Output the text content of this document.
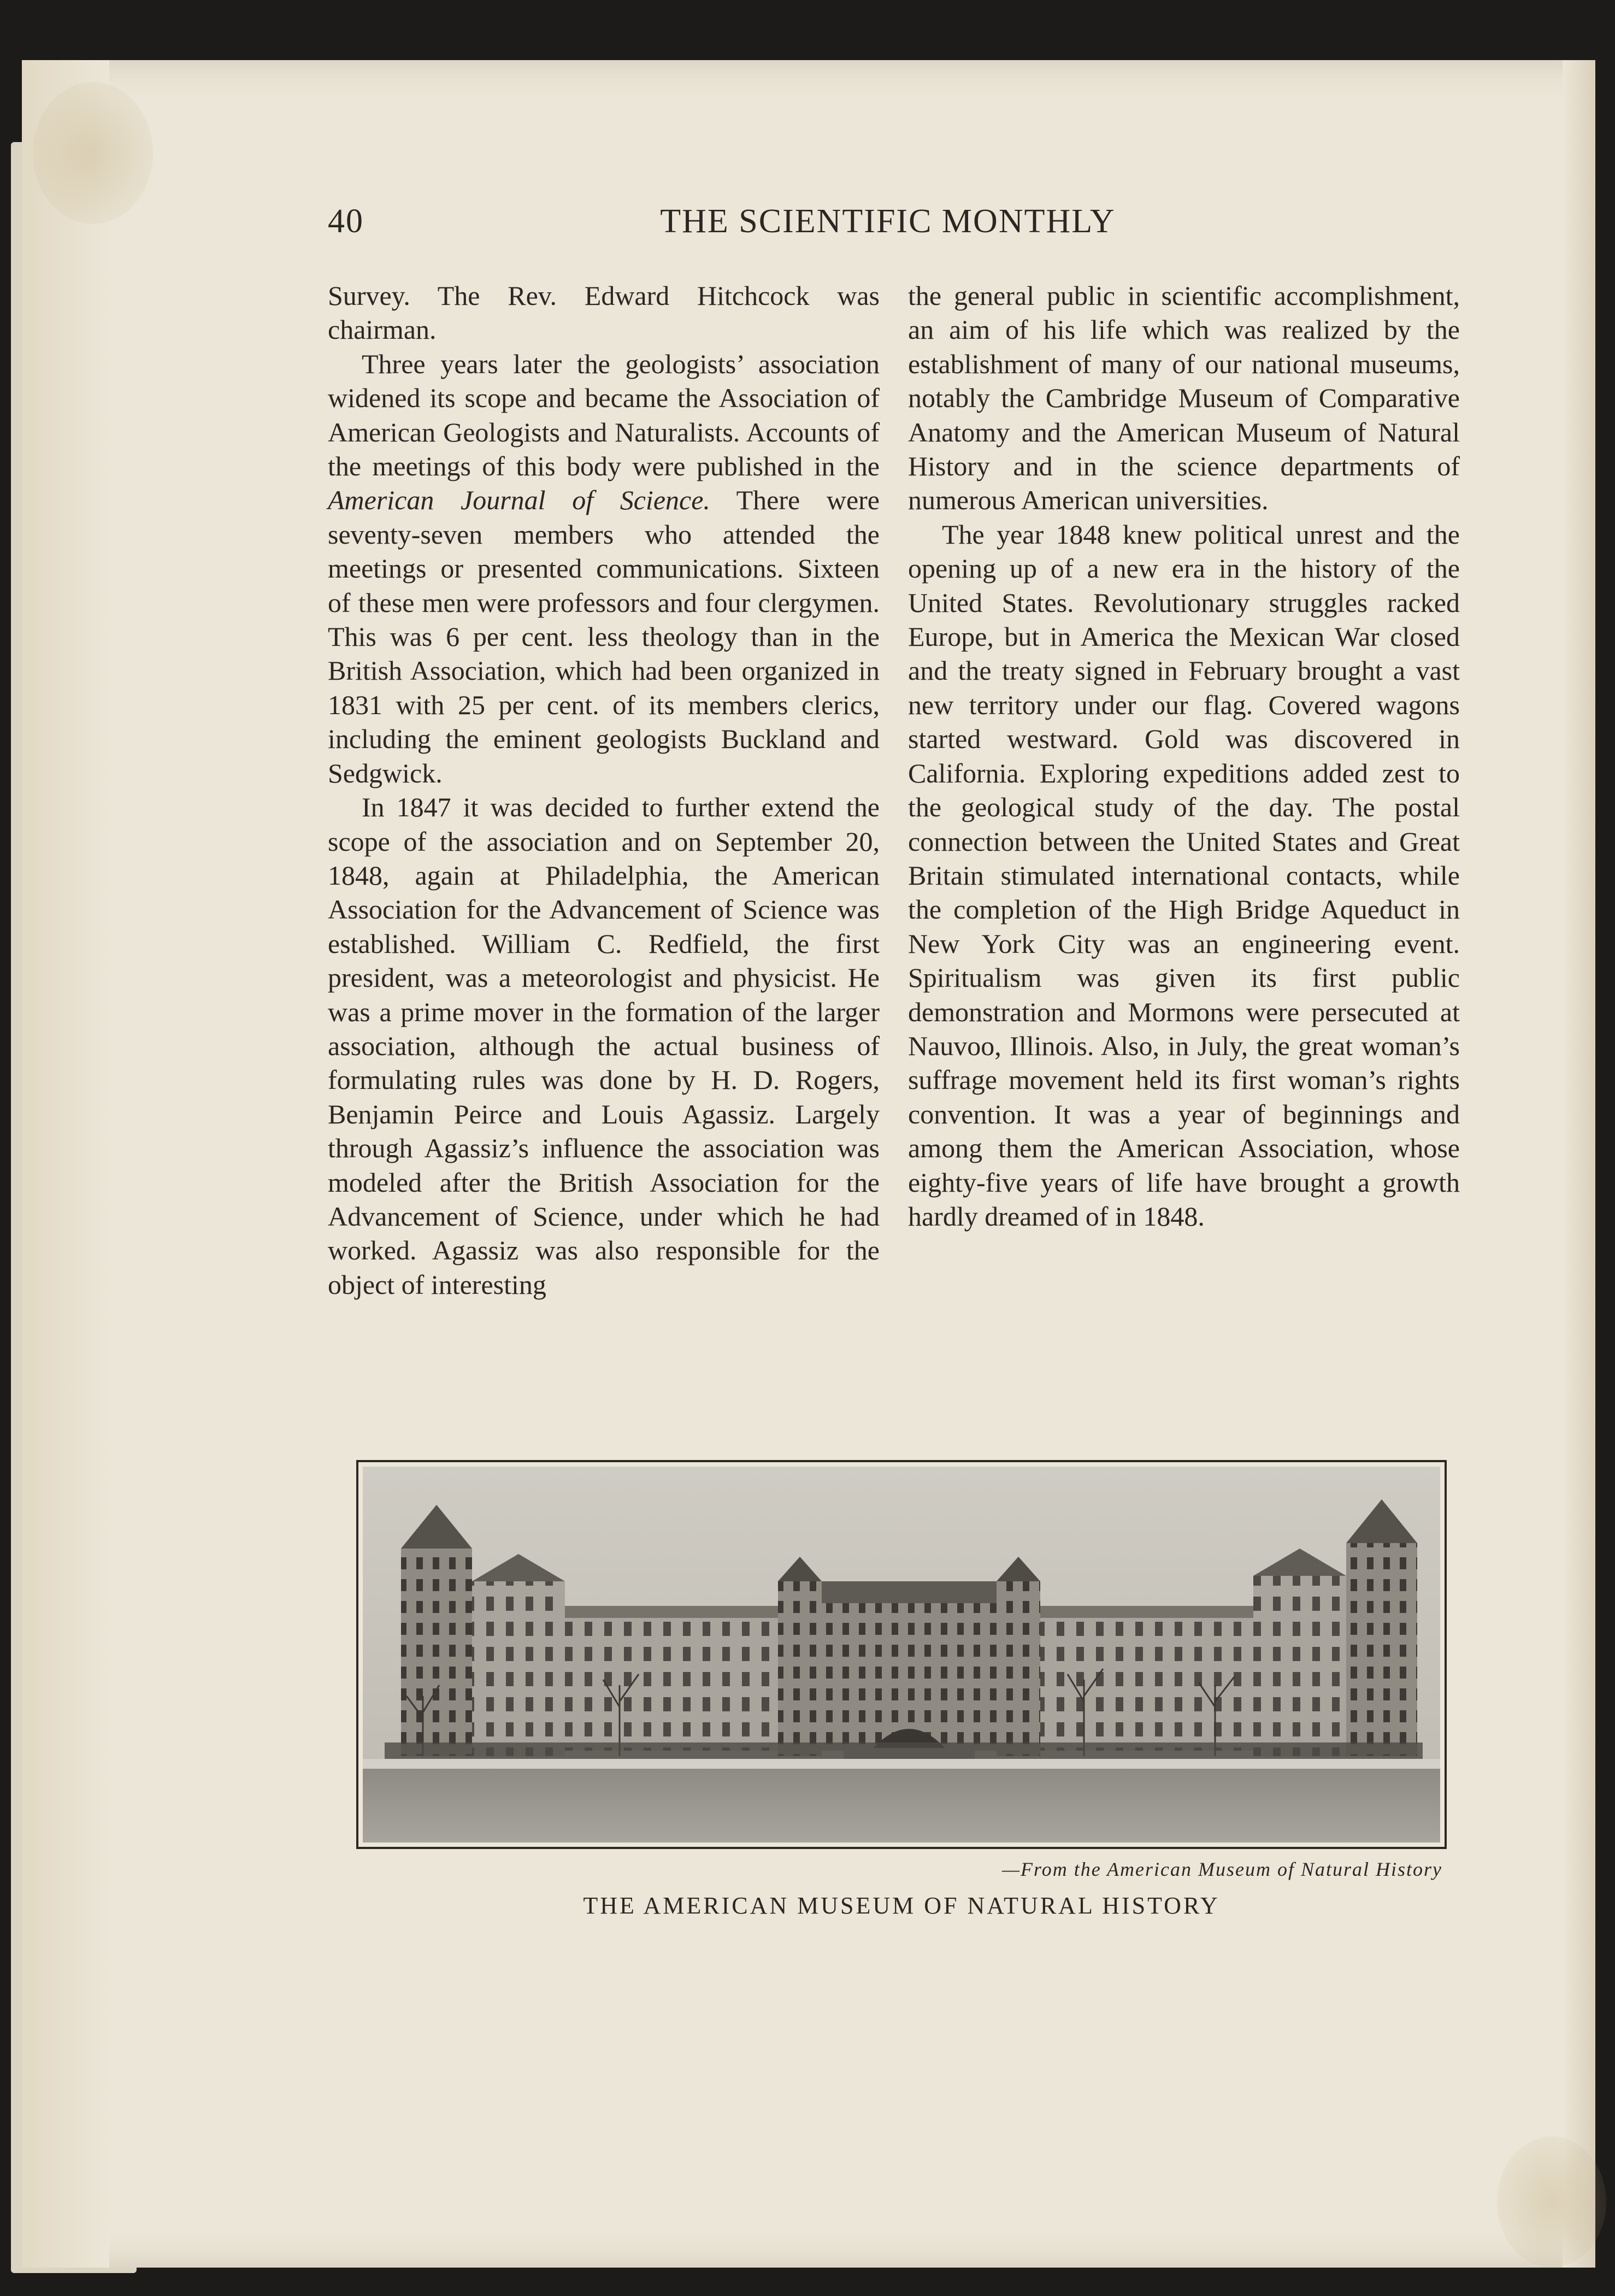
40	THE SCIENTIFIC MONTHLY

Survey. The Rev. Edward Hitchcock was chairman.

Three years later the geologists’ association widened its scope and became the Association of American Geologists and Naturalists. Accounts of the meetings of this body were published in the American Journal of Science. There were seventy-seven members who attended the meetings or presented communications. Sixteen of these men were professors and four clergymen. This was 6 per cent. less theology than in the British Association, which had been organized in 1831 with 25 per cent. of its members clerics, including the eminent geologists Buckland and Sedgwick.

In 1847 it was decided to further extend the scope of the association and on September 20, 1848, again at Philadelphia, the American Association for the Advancement of Science was established. William C. Redfield, the first president, was a meteorologist and physicist. He was a prime mover in the formation of the larger association, although the actual business of formulating rules was done by H. D. Rogers, Benjamin Peirce and Louis Agassiz. Largely through Agassiz’s influence the association was modeled after the British Association for the Advancement of Science, under which he had worked. Agassiz was also responsible for the object of interesting

the general public in scientific accomplishment, an aim of his life which was realized by the establishment of many of our national museums, notably the Cambridge Museum of Comparative Anatomy and the American Museum of Natural History and in the science departments of numerous American universities.

The year 1848 knew political unrest and the opening up of a new era in the history of the United States. Revolutionary struggles racked Europe, but in America the Mexican War closed and the treaty signed in February brought a vast new territory under our flag. Covered wagons started westward. Gold was discovered in California. Exploring expeditions added zest to the geological study of the day. The postal connection between the United States and Great Britain stimulated international contacts, while the completion of the High Bridge Aqueduct in New York City was an engineering event. Spiritualism was given its first public demonstration and Mormons were persecuted at Nauvoo, Illinois. Also, in July, the great woman’s suffrage movement held its first woman’s rights convention. It was a year of beginnings and among them the American Association, whose eighty-five years of life have brought a growth hardly dreamed of in 1848.

—From the American Museum of Natural History
THE AMERICAN MUSEUM OF NATURAL HISTORY
